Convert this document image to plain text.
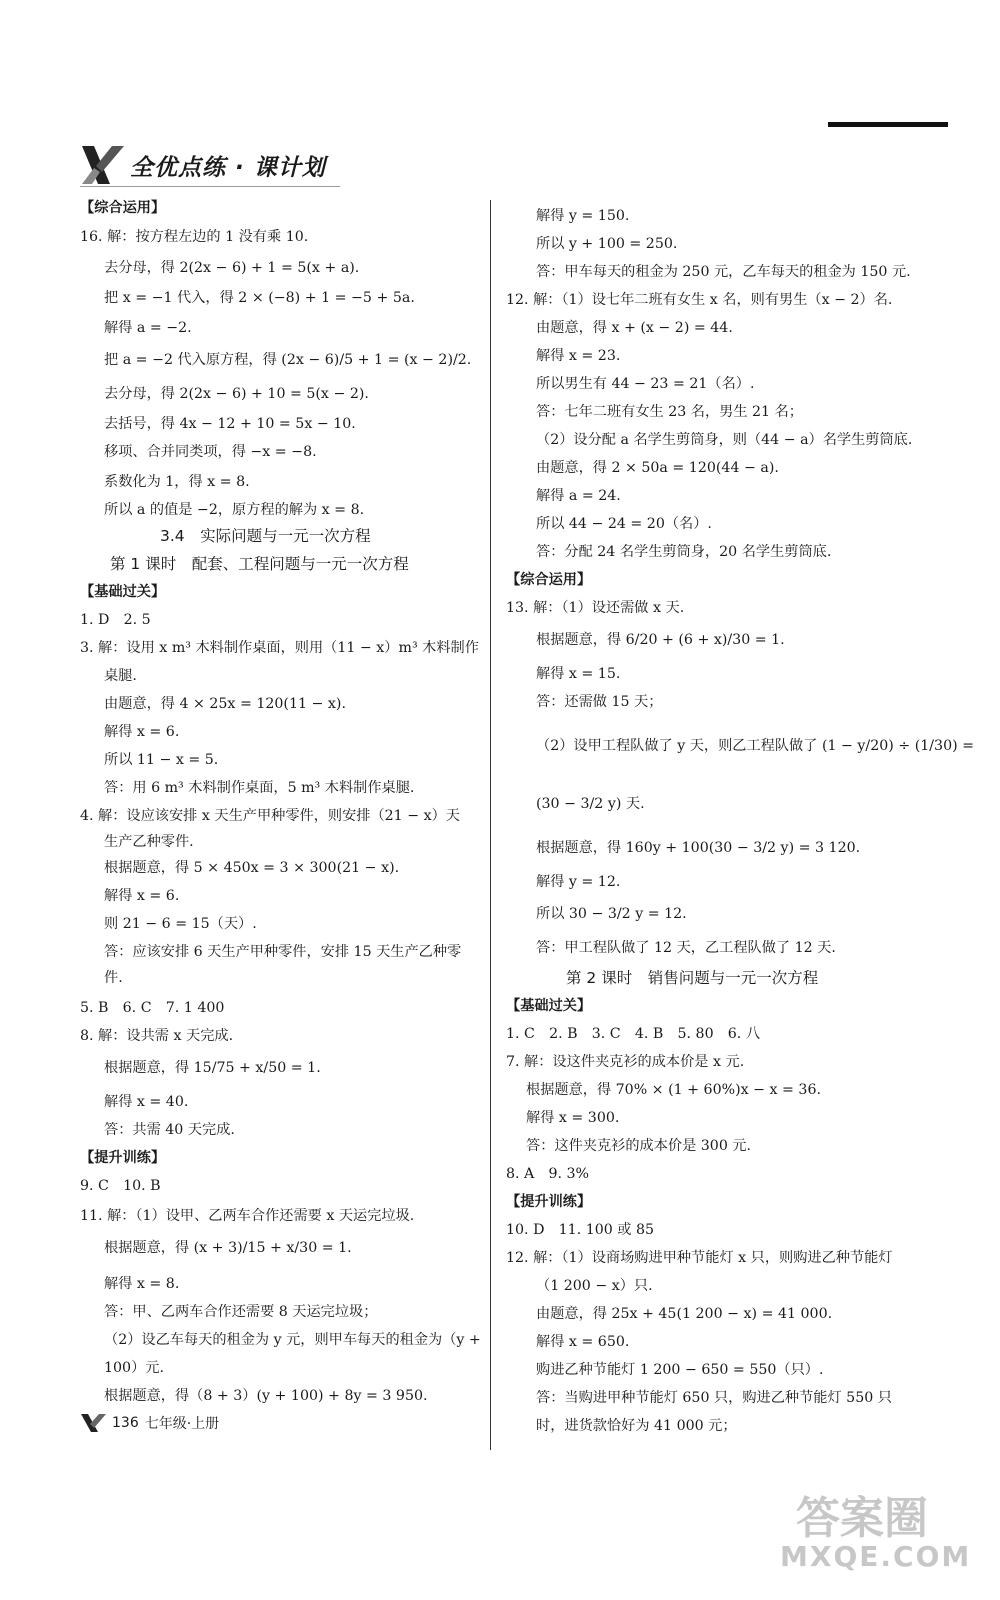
全优点练 · 课计划
【综合运用】
16. 解：按方程左边的 1 没有乘 10.
去分母，得 2(2x − 6) + 1 = 5(x + a).
把 x = −1 代入，得 2 × (−8) + 1 = −5 + 5a.
解得 a = −2.
把 a = −2 代入原方程，得 (2x − 6)/5 + 1 = (x − 2)/2.
去分母，得 2(2x − 6) + 10 = 5(x − 2).
去括号，得 4x − 12 + 10 = 5x − 10.
移项、合并同类项，得 −x = −8.
系数化为 1，得 x = 8.
所以 a 的值是 −2，原方程的解为 x = 8.
3.4　实际问题与一元一次方程
第 1 课时　配套、工程问题与一元一次方程
【基础过关】
1. D　2. 5
3. 解：设用 x m³ 木料制作桌面，则用（11 − x）m³ 木料制作
桌腿.
由题意，得 4 × 25x = 120(11 − x).
解得 x = 6.
所以 11 − x = 5.
答：用 6 m³ 木料制作桌面，5 m³ 木料制作桌腿.
4. 解：设应该安排 x 天生产甲种零件，则安排（21 − x）天
生产乙种零件.
根据题意，得 5 × 450x = 3 × 300(21 − x).
解得 x = 6.
则 21 − 6 = 15（天）.
答：应该安排 6 天生产甲种零件，安排 15 天生产乙种零
件.
5. B　6. C　7. 1 400
8. 解：设共需 x 天完成.
根据题意，得 15/75 + x/50 = 1.
解得 x = 40.
答：共需 40 天完成.
【提升训练】
9. C　10. B
11. 解：（1）设甲、乙两车合作还需要 x 天运完垃圾.
根据题意，得 (x + 3)/15 + x/30 = 1.
解得 x = 8.
答：甲、乙两车合作还需要 8 天运完垃圾；
（2）设乙车每天的租金为 y 元，则甲车每天的租金为（y +
100）元.
根据题意，得（8 + 3）(y + 100) + 8y = 3 950.
解得 y = 150.
所以 y + 100 = 250.
答：甲车每天的租金为 250 元，乙车每天的租金为 150 元.
12. 解：（1）设七年二班有女生 x 名，则有男生（x − 2）名.
由题意，得 x + (x − 2) = 44.
解得 x = 23.
所以男生有 44 − 23 = 21（名）.
答：七年二班有女生 23 名，男生 21 名；
（2）设分配 a 名学生剪筒身，则（44 − a）名学生剪筒底.
由题意，得 2 × 50a = 120(44 − a).
解得 a = 24.
所以 44 − 24 = 20（名）.
答：分配 24 名学生剪筒身，20 名学生剪筒底.
【综合运用】
13. 解：（1）设还需做 x 天.
根据题意，得 6/20 + (6 + x)/30 = 1.
解得 x = 15.
答：还需做 15 天；
（2）设甲工程队做了 y 天，则乙工程队做了 (1 − y/20) ÷ (1/30) =
(30 − 3/2 y) 天.
根据题意，得 160y + 100(30 − 3/2 y) = 3 120.
解得 y = 12.
所以 30 − 3/2 y = 12.
答：甲工程队做了 12 天，乙工程队做了 12 天.
第 2 课时　销售问题与一元一次方程
【基础过关】
1. C　2. B　3. C　4. B　5. 80　6. 八
7. 解：设这件夹克衫的成本价是 x 元.
根据题意，得 70% × (1 + 60%)x − x = 36.
解得 x = 300.
答：这件夹克衫的成本价是 300 元.
8. A　9. 3%
【提升训练】
10. D　11. 100 或 85
12. 解：（1）设商场购进甲种节能灯 x 只，则购进乙种节能灯
（1 200 − x）只.
由题意，得 25x + 45(1 200 − x) = 41 000.
解得 x = 650.
购进乙种节能灯 1 200 − 650 = 550（只）.
答：当购进甲种节能灯 650 只，购进乙种节能灯 550 只
时，进货款恰好为 41 000 元；
136 七年级·上册
答案圈
MXQE.COM
